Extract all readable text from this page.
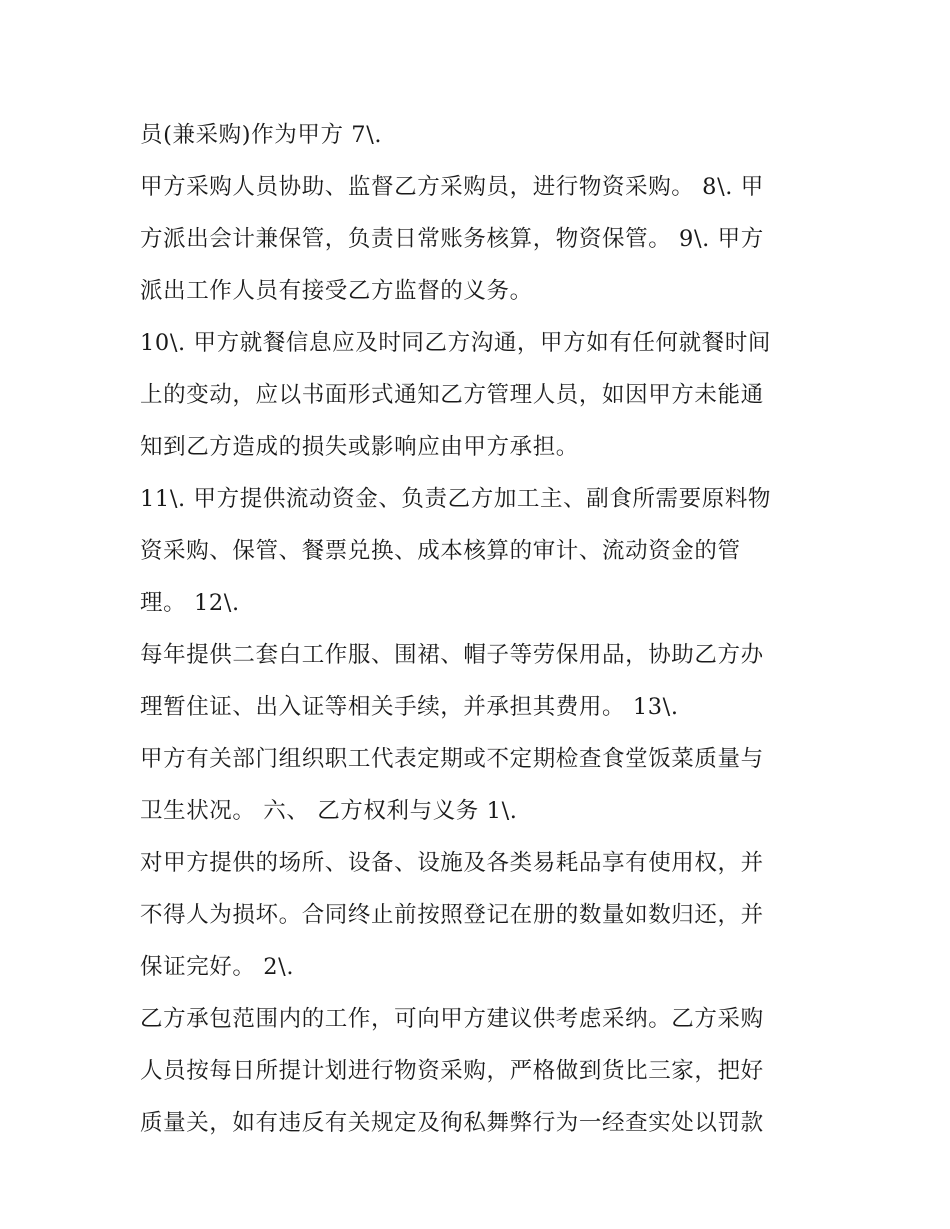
员(兼采购)作为甲方 7\.
甲方采购人员协助、监督乙方采购员，进行物资采购。 8\. 甲
方派出会计兼保管，负责日常账务核算，物资保管。 9\. 甲方
派出工作人员有接受乙方监督的义务。
10\. 甲方就餐信息应及时同乙方沟通，甲方如有任何就餐时间
上的变动，应以书面形式通知乙方管理人员，如因甲方未能通
知到乙方造成的损失或影响应由甲方承担。
11\. 甲方提供流动资金、负责乙方加工主、副食所需要原料物
资采购、保管、餐票兑换、成本核算的审计、流动资金的管
理。 12\.
每年提供二套白工作服、围裙、帽子等劳保用品，协助乙方办
理暂住证、出入证等相关手续，并承担其费用。 13\.
甲方有关部门组织职工代表定期或不定期检查食堂饭菜质量与
卫生状况。 六、 乙方权利与义务 1\.
对甲方提供的场所、设备、设施及各类易耗品享有使用权，并
不得人为损坏。合同终止前按照登记在册的数量如数归还，并
保证完好。 2\.
乙方承包范围内的工作，可向甲方建议供考虑采纳。乙方采购
人员按每日所提计划进行物资采购，严格做到货比三家，把好
质量关，如有违反有关规定及徇私舞弊行为一经查实处以罚款
